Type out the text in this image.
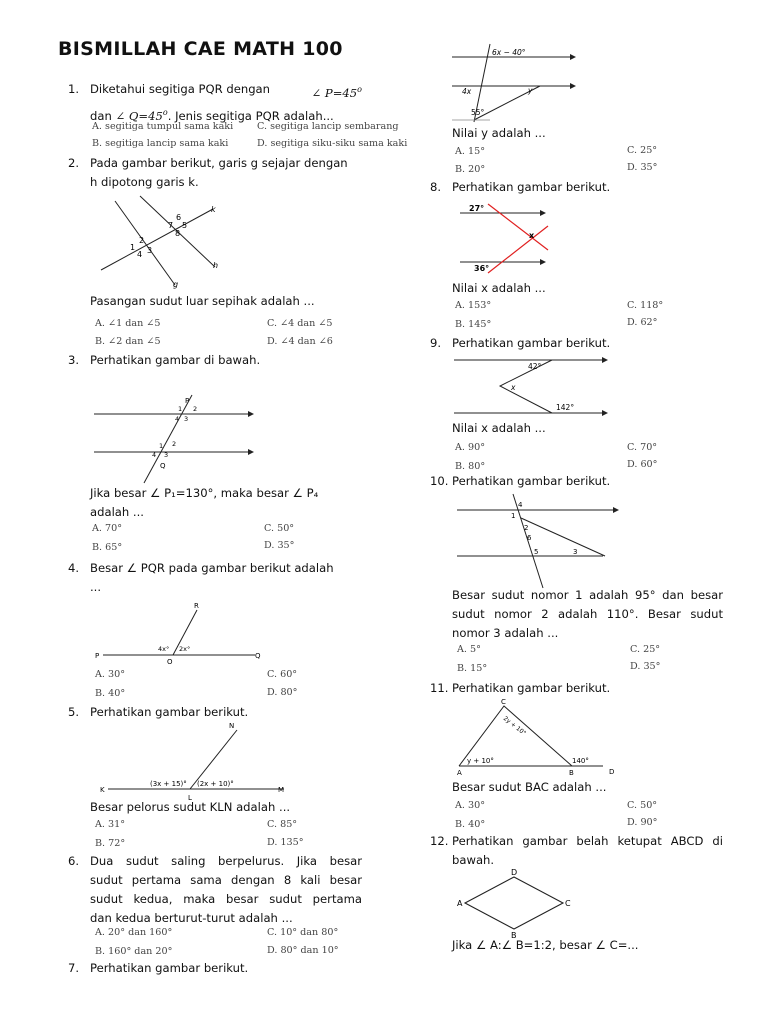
BISMILLAH CAE MATH 100
1. Diketahui segitiga PQR dengan	∠ $P=45^o$
dan ∠ $Q=45^o$. Jenis segitiga PQR adalah...
A. segitiga tumpul sama kaki C. segitiga lancip sembarang
B. segitiga lancip sama kaki	D. segitiga siku-siku sama kaki
2. Pada gambar berikut, garis g sejajar dengan
h dipotong garis k.
k
h
g
1
2
3
4
5
6
7
8
Pasangan sudut luar sepihak adalah ...
A. ∠1 dan ∠5	C. ∠4 dan ∠5
B. ∠2 dan ∠5	D. ∠4 dan ∠6
3. Perhatikan gambar di bawah.
P
Q
1 2
4 3
1 2
4 3
Jika besar ∠ P₁=130°, maka besar ∠ P₄
adalah ...
A. 70°	C. 50°
B. 65°	D. 35°
4. Besar ∠ PQR pada gambar berikut adalah
...
R
P
O
Q
4x° 2x°
A. 30°	C. 60°
B. 40°	D. 80°
5. Perhatikan gambar berikut.
N
K
L
M
(3x + 15)° (2x + 10)°
Besar pelorus sudut KLN adalah ...
A. 31°	C. 85°
B. 72°	D. 135°
6. Dua sudut saling berpelurus. Jika besar
sudut pertama sama dengan 8 kali besar
sudut kedua, maka besar sudut pertama
dan kedua berturut-turut adalah ...
A. 20° dan 160°	C. 10° dan 80°
B. 160° dan 20°	D. 80° dan 10°
7. Perhatikan gambar berikut.
6x − 40°
4x	y
55°
Nilai y adalah ...
A. 15°	C. 25°
B. 20°	D. 35°
8. Perhatikan gambar berikut.
27°
x
36°
Nilai x adalah ...
A. 153°	C. 118°
B. 145°	D. 62°
9. Perhatikan gambar berikut.
42°
x
142°
Nilai x adalah ...
A. 90°	C. 70°
B. 80°	D. 60°
10. Perhatikan gambar berikut.
4
1
2
6
5	3
Besar sudut nomor 1 adalah 95° dan besar
sudut nomor 2 adalah 110°. Besar sudut
nomor 3 adalah ...
A. 5°	C. 25°
B. 15°	D. 35°
11. Perhatikan gambar berikut.
C
2y + 10°
y + 10°	140°
A	B	D
Besar sudut BAC adalah ...
A. 30°	C. 50°
B. 40°	D. 90°
12. Perhatikan gambar belah ketupat ABCD di
bawah.
D
A	C
B
Jika ∠ A:∠ B=1:2, besar ∠ C=...
